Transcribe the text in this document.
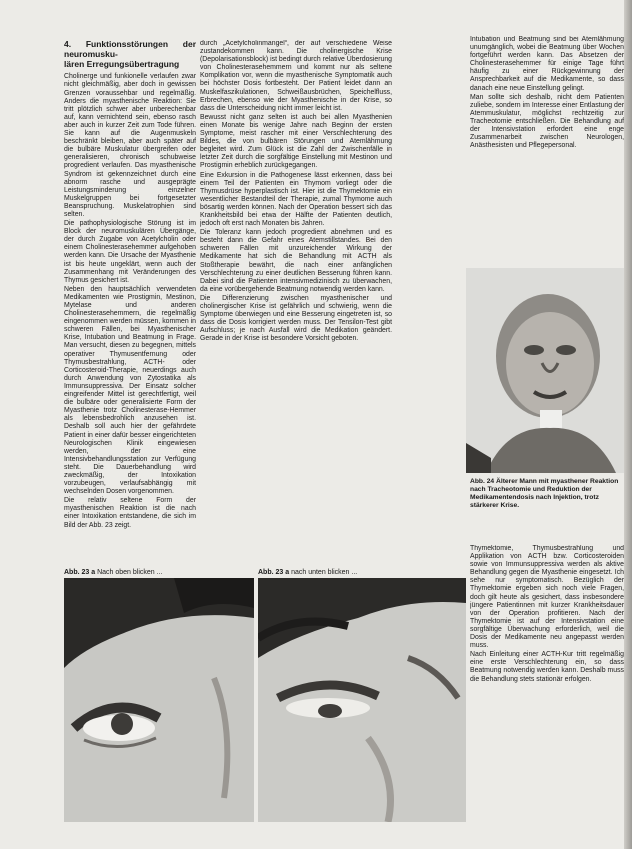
4. Funktionsstörungen der neuromusku-
lären Erregungsübertragung

Cholinerge und funkionelle verlaufen zwar nicht gleichmäßig, aber doch in gewissen Grenzen voraussehbar und regelmäßig. Anders die myasthenische Reaktion: Sie tritt plötzlich schwer aber unberechenbar auf, kann vernichtend sein, ebenso rasch aber auch in kurzer Zeit zum Tode führen. Sie kann auf die Augenmuskeln beschränkt bleiben, aber auch später auf die bulbäre Muskulatur übergreifen oder generalisieren, chronisch schubweise progredient verlaufen. Das myasthenische Syndrom ist gekennzeichnet durch eine abnorm rasche und ausgeprägte Leistungsminderung einzelner Muskelgruppen bei fortgesetzter Beanspruchung. Muskelatrophien sind selten.

Die pathophysiologische Störung ist im Block der neuromuskulären Übergänge, der durch Zugabe von Acetylcholin oder einem Cholinesterasehemmer aufgehoben werden kann. Die Ursache der Myasthenie ist bis heute ungeklärt, wenn auch der Zusammenhang mit Veränderungen des Thymus gesichert ist.

Neben den hauptsächlich verwendeten Medikamenten wie Prostigmin, Mestinon, Mytelase und anderen Cholinesterasehemmern, die regelmäßig eingenommen werden müssen, kommen in schweren Fällen, bei Myasthenischer Krise, Intubation und Beatmung in Frage. Man versucht, diesen zu begegnen, mittels operativer Thymusentfernung oder Thymusbestrahlung, ACTH- oder Corticosteroid-Therapie, neuerdings auch durch Anwendung von Zytostatika als Immunsuppressiva. Der Einsatz solcher eingreifender Mittel ist gerechtfertigt, weil die bulbäre oder generalisierte Form der Myasthenie trotz Cholinesterase-Hemmer als lebensbedrohlich anzusehen ist. Deshalb soll auch hier der gefährdete Patient in einer dafür besser eingerichteten Neurologischen Klinik eingewiesen werden, der eine Intensivbehandlungsstation zur Verfügung steht. Die Dauerbehandlung wird zweckmäßig, der Intoxikation vorzubeugen, verlaufsabhängig mit wechselnden Dosen vorgenommen.

Die relativ seltene Form der myasthenischen Reaktion ist die nach einer Intoxikation entstandene, die sich im Bild der Abb. 23 zeigt.

durch „Acetylcholinmangel“, der auf verschiedene Weise zustandekommen kann. Die cholinergische Krise (Depolarisationsblock) ist bedingt durch relative Überdosierung von Cholinesterasehemmern und kommt nur als seltene Komplikation vor, wenn die myasthenische Symptomatik auch bei höchster Dosis fortbesteht. Der Patient leidet dann an Muskelfaszikulationen, Schweißausbrüchen, Speichelfluss, Erbrechen, ebenso wie der Myasthenische in der Krise, so dass die Unterscheidung nicht immer leicht ist.

Bewusst nicht ganz selten ist auch bei allen Myasthenien einen Monate bis wenige Jahre nach Beginn der ersten Symptome, meist rascher mit einer Verschlechterung des Bildes, die von bulbären Störungen und Atemlähmung begleitet wird. Zum Glück ist die Zahl der Zwischenfälle in letzter Zeit durch die sorgfältige Einstellung mit Mestinon und Prostigmin erheblich zurückgegangen.

Eine Exkursion in die Pathogenese lässt erkennen, dass bei einem Teil der Patienten ein Thymom vorliegt oder die Thymusdrüse hyperplastisch ist. Hier ist die Thymektomie ein wesentlicher Bestandteil der Therapie, zumal Thymome auch bösartig werden können. Nach der Operation bessert sich das Krankheitsbild bei etwa der Hälfte der Patienten deutlich, jedoch oft erst nach Monaten bis Jahren.

Die Toleranz kann jedoch progredient abnehmen und es besteht dann die Gefahr eines Atemstillstandes. Bei den schweren Fällen mit unzureichender Wirkung der Medikamente hat sich die Behandlung mit ACTH als Stoßtherapie bewährt, die nach einer anfänglichen Verschlechterung zu einer deutlichen Besserung führen kann. Dabei sind die Patienten intensivmedizinisch zu überwachen, da eine vorübergehende Beatmung notwendig werden kann.

Die Differenzierung zwischen myasthenischer und cholinergischer Krise ist gefährlich und schwierig, wenn die Symptome überwiegen und eine Besserung eingetreten ist, so dass die Dosis korrigiert werden muss. Der Tensilon-Test gibt Aufschluss; je nach Ausfall wird die Medikation geändert. Gerade in der Krise ist besondere Vorsicht geboten.

Intubation und Beatmung sind bei Atemlähmung unumgänglich, wobei die Beatmung über Wochen fortgeführt werden kann. Das Absetzen der Cholinesterasehemmer für einige Tage führt häufig zu einer Rückgewinnung der Ansprechbarkeit auf die Medikamente, so dass danach eine neue Einstellung gelingt.

Man sollte sich deshalb, nicht dem Patienten zuliebe, sondern im Interesse einer Entlastung der Atemmuskulatur, möglichst rechtzeitig zur Tracheotomie entschließen. Die Behandlung auf der Intensivstation erfordert eine enge Zusammenarbeit zwischen Neurologen, Anästhesisten und Pflegepersonal.

Abb. 24 Älterer Mann mit myasthener Reaktion nach Tracheotomie und Reduktion der Medikamentendosis nach Injektion, trotz stärkerer Krise.

Thymektomie, Thymusbestrahlung und Applikation von ACTH bzw. Corticosteroiden sowie von Immunsuppressiva werden als aktive Behandlung gegen die Myasthenie eingesetzt. Ich sehe nur symptomatisch. Bezüglich der Thymektomie ergeben sich noch viele Fragen, doch gilt heute als gesichert, dass insbesondere jüngere Patientinnen mit kurzer Krankheitsdauer von der Operation profitieren. Nach der Thymektomie ist auf der Intensivstation eine sorgfältige Überwachung erforderlich, weil die Dosis der Medikamente neu angepasst werden muss.

Nach Einleitung einer ACTH-Kur tritt regelmäßig eine erste Verschlechterung ein, so dass Beatmung notwendig werden kann. Deshalb muss die Behandlung stets stationär erfolgen.

Abb. 23 a Nach oben blicken ...	Abb. 23 a nach unten blicken ...
